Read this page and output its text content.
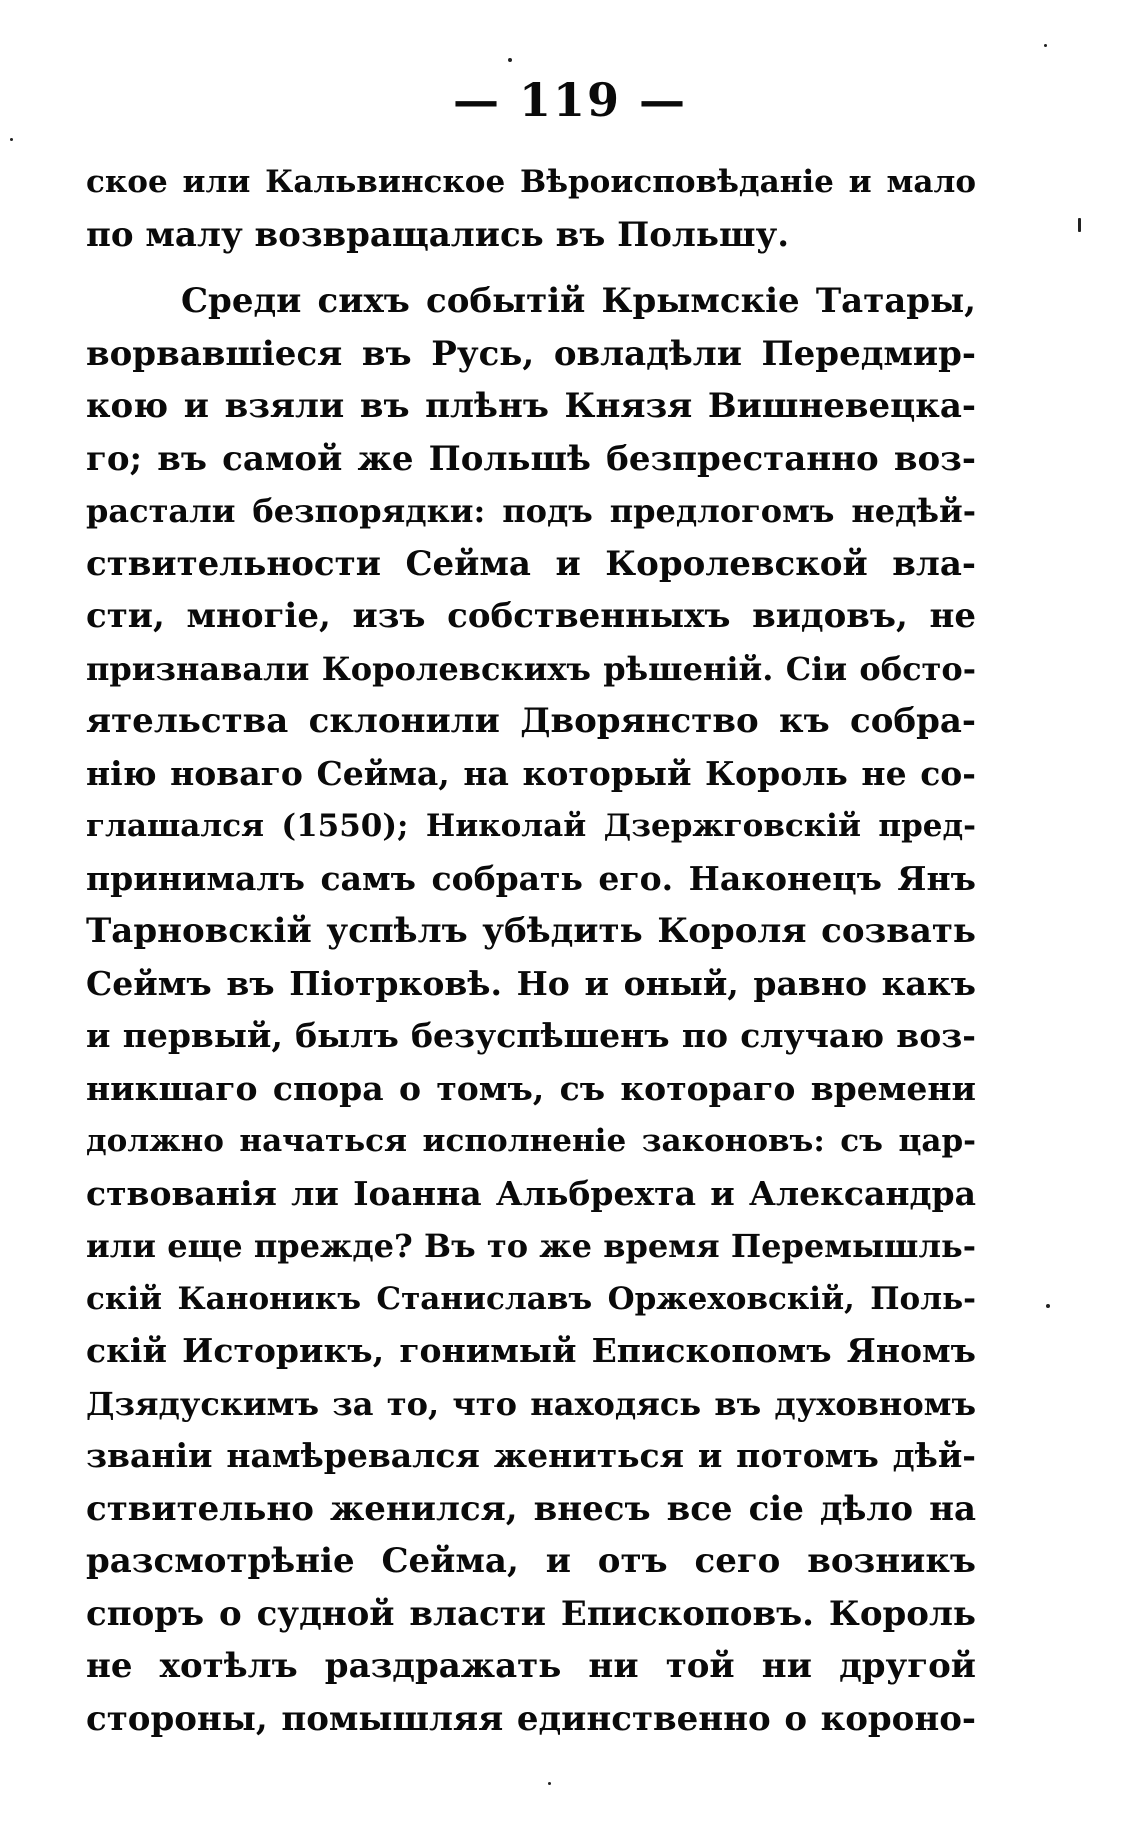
— 119 —
ское или Кальвинское Вѣроисповѣданіе и мало
по малу возвращались въ Польшу.
Среди сихъ событій Крымскіе Татары,
ворвавшіеся въ Русь, овладѣли Передмир-
кою и взяли въ плѣнъ Князя Вишневецка-
го; въ самой же Польшѣ безпрестанно воз-
растали безпорядки: подъ предлогомъ недѣй-
ствительности Сейма и Королевской вла-
сти, многіе, изъ собственныхъ видовъ, не
признавали Королевскихъ рѣшеній. Сіи обсто-
ятельства склонили Дворянство къ собра-
нію новаго Сейма, на который Король не со-
глашался (1550); Николай Дзержговскій пред-
принималъ самъ собрать его. Наконецъ Янъ
Тарновскій успѣлъ убѣдить Короля созвать
Сеймъ въ Піотрковѣ. Но и оный, равно какъ
и первый, былъ безуспѣшенъ по случаю воз-
никшаго спора о томъ, съ котораго времени
должно начаться исполненіе законовъ: съ цар-
ствованія ли Іоанна Альбрехта и Александра
или еще прежде? Въ то же время Перемышль-
скій Каноникъ Станиславъ Оржеховскій, Поль-
скій Историкъ, гонимый Епископомъ Яномъ
Дзядускимъ за то, что находясь въ духовномъ
званіи намѣревался жениться и потомъ дѣй-
ствительно женился, внесъ все сіе дѣло на
разсмотрѣніе Сейма, и отъ сего возникъ
споръ о судной власти Епископовъ. Король
не хотѣлъ раздражать ни той ни другой
стороны, помышляя единственно о короно-
